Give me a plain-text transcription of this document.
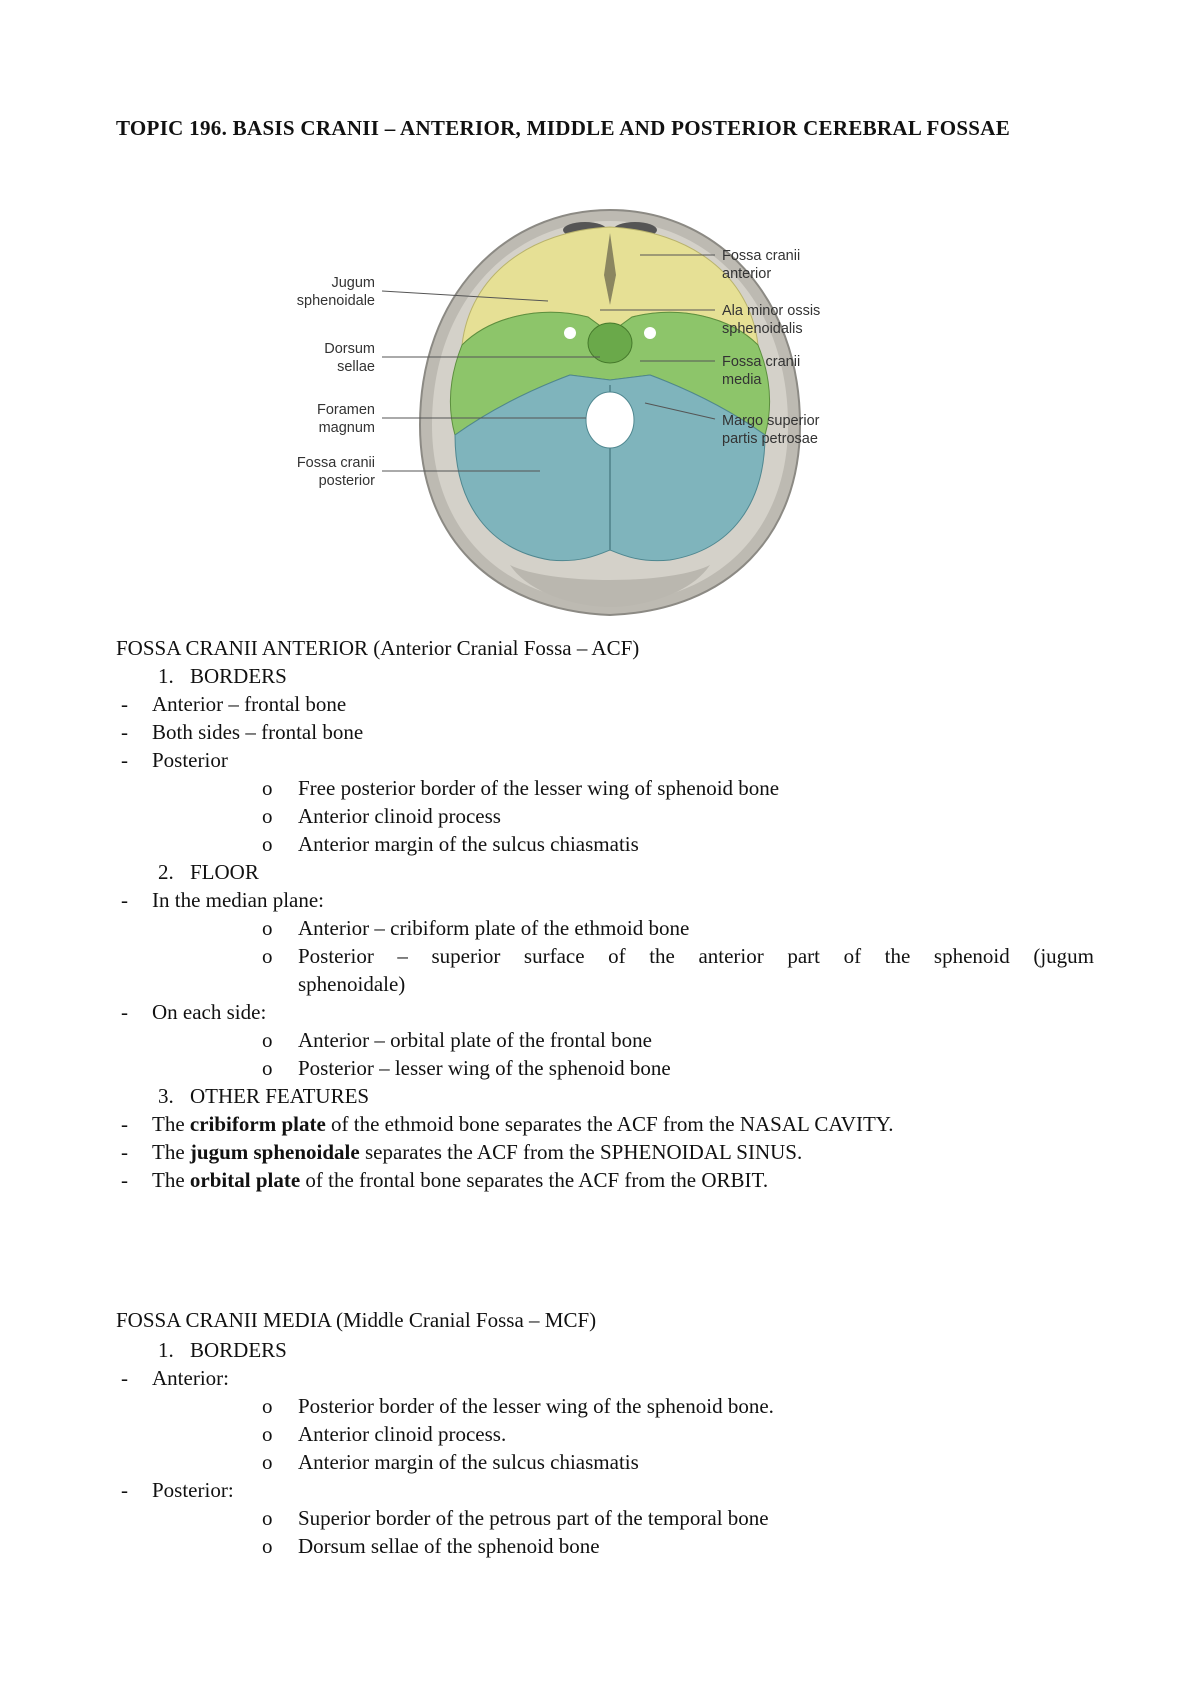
TOPIC 196. BASIS CRANII – ANTERIOR, MIDDLE AND POSTERIOR CEREBRAL FOSSAE
Jugum sphenoidale
Dorsum sellae
Foramen magnum
Fossa cranii posterior
Fossa cranii anterior
Ala minor ossis sphenoidalis
Fossa cranii media
Margo superior partis petrosae
FOSSA CRANII ANTERIOR (Anterior Cranial Fossa – ACF)
1. BORDERS
- Anterior – frontal bone
- Both sides – frontal bone
- Posterior
o Free posterior border of the lesser wing of sphenoid bone
o Anterior clinoid process
o Anterior margin of the sulcus chiasmatis
2. FLOOR
- In the median plane:
o Anterior – cribiform plate of the ethmoid bone
o Posterior – superior surface of the anterior part of the sphenoid (jugum
sphenoidale)
- On each side:
o Anterior – orbital plate of the frontal bone
o Posterior – lesser wing of the sphenoid bone
3. OTHER FEATURES
- The cribiform plate of the ethmoid bone separates the ACF from the NASAL CAVITY.
- The jugum sphenoidale separates the ACF from the SPHENOIDAL SINUS.
- The orbital plate of the frontal bone separates the ACF from the ORBIT.
FOSSA CRANII MEDIA (Middle Cranial Fossa – MCF)
1. BORDERS
- Anterior:
o Posterior border of the lesser wing of the sphenoid bone.
o Anterior clinoid process.
o Anterior margin of the sulcus chiasmatis
- Posterior:
o Superior border of the petrous part of the temporal bone
o Dorsum sellae of the sphenoid bone
